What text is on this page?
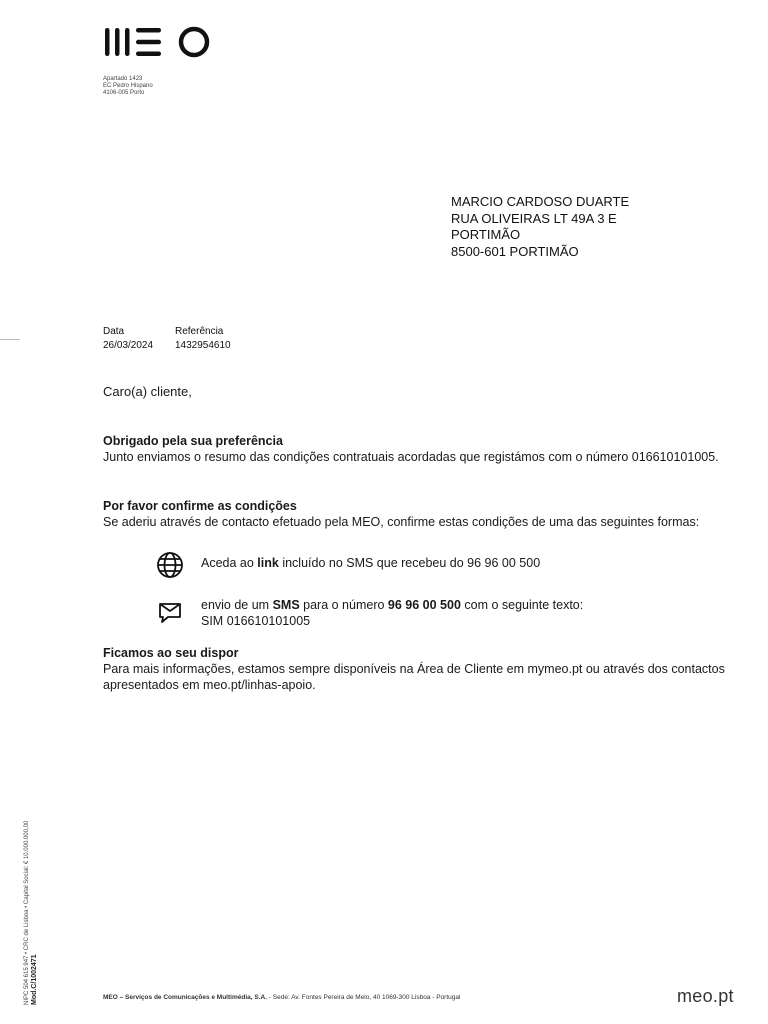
Apartado 1423
EC Pedro Hispano
4106-005 Porto
MARCIO CARDOSO DUARTE
RUA OLIVEIRAS LT 49A 3 E
PORTIMÃO
8500-601 PORTIMÃO
Data
26/03/2024
Referência
1432954610
Caro(a) cliente,
Obrigado pela sua preferência
Junto enviamos o resumo das condições contratuais acordadas que registámos com o número 016610101005.
Por favor confirme as condições
Se aderiu através de contacto efetuado pela MEO, confirme estas condições de uma das seguintes formas:
Aceda ao link incluído no SMS que recebeu do 96 96 00 500
envio de um SMS para o número 96 96 00 500 com o seguinte texto:
SIM 016610101005
Ficamos ao seu dispor
Para mais informações, estamos sempre disponíveis na Área de Cliente em mymeo.pt ou através dos contactos apresentados em meo.pt/linhas-apoio.
NIPC 504 615 947 • CRC de Lisboa • Capital Social: € 10.000.000,00 Mod.C/1002471	MEO – Serviços de Comunicações e Multimédia, S.A. - Sede: Av. Fontes Pereira de Melo, 40 1069-300 Lisboa - Portugal	meo.pt
